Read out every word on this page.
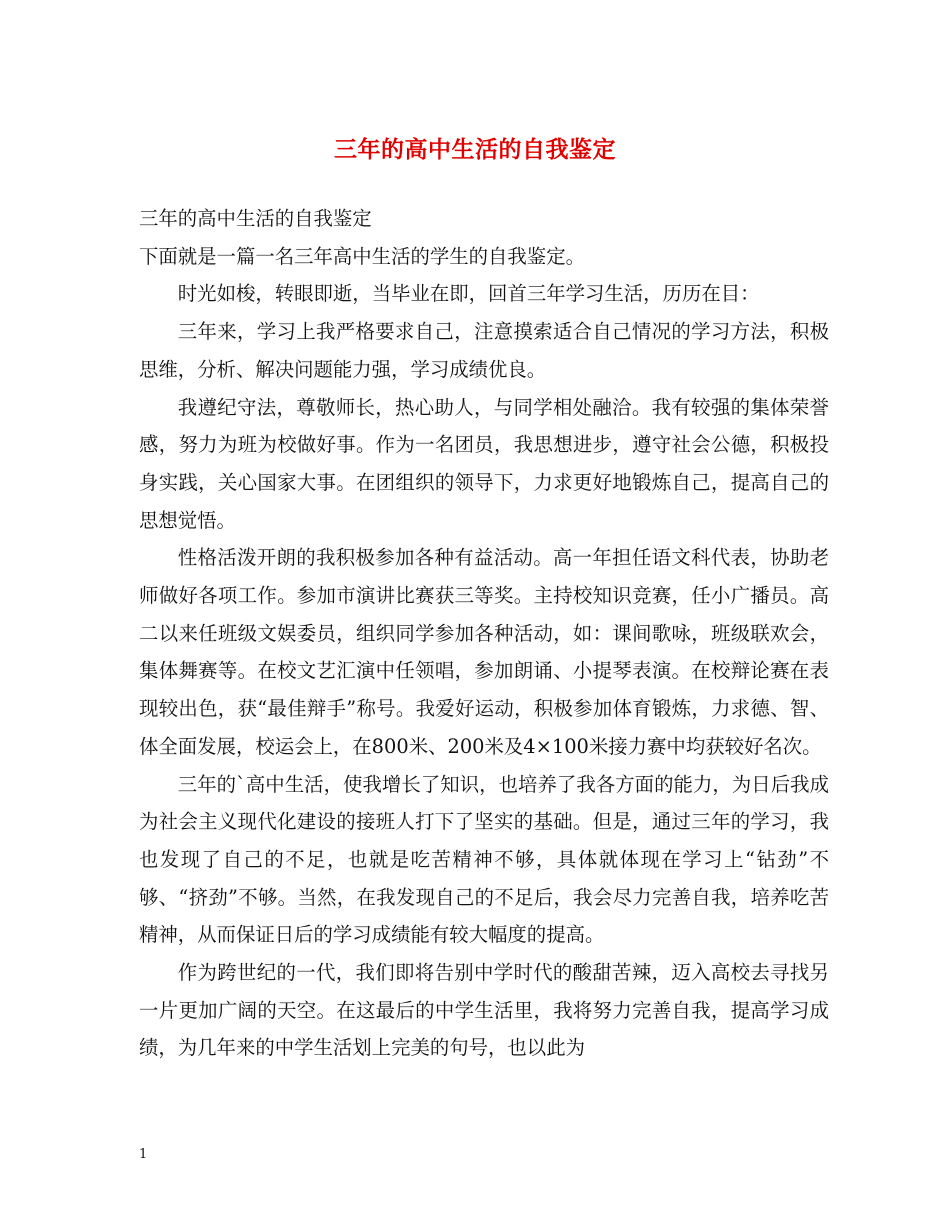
三年的高中生活的自我鉴定

三年的高中生活的自我鉴定

下面就是一篇一名三年高中生活的学生的自我鉴定。

时光如梭，转眼即逝，当毕业在即，回首三年学习生活，历历在目：

三年来，学习上我严格要求自己，注意摸索适合自己情况的学习方法，积极思维，分析、解决问题能力强，学习成绩优良。

我遵纪守法，尊敬师长，热心助人，与同学相处融洽。我有较强的集体荣誉感，努力为班为校做好事。作为一名团员，我思想进步，遵守社会公德，积极投身实践，关心国家大事。在团组织的领导下，力求更好地锻炼自己，提高自己的思想觉悟。

性格活泼开朗的我积极参加各种有益活动。高一年担任语文科代表，协助老师做好各项工作。参加市演讲比赛获三等奖。主持校知识竞赛，任小广播员。高二以来任班级文娱委员，组织同学参加各种活动，如：课间歌咏，班级联欢会，集体舞赛等。在校文艺汇演中任领唱，参加朗诵、小提琴表演。在校辩论赛在表现较出色，获“最佳辩手”称号。我爱好运动，积极参加体育锻炼，力求德、智、体全面发展，校运会上，在800米、200米及4×100米接力赛中均获较好名次。

三年的`高中生活，使我增长了知识，也培养了我各方面的能力，为日后我成为社会主义现代化建设的接班人打下了坚实的基础。但是，通过三年的学习，我也发现了自己的不足，也就是吃苦精神不够，具体就体现在学习上“钻劲”不够、“挤劲”不够。当然，在我发现自己的不足后，我会尽力完善自我，培养吃苦精神，从而保证日后的学习成绩能有较大幅度的提高。

作为跨世纪的一代，我们即将告别中学时代的酸甜苦辣，迈入高校去寻找另一片更加广阔的天空。在这最后的中学生活里，我将努力完善自我，提高学习成绩，为几年来的中学生活划上完美的句号，也以此为

1
